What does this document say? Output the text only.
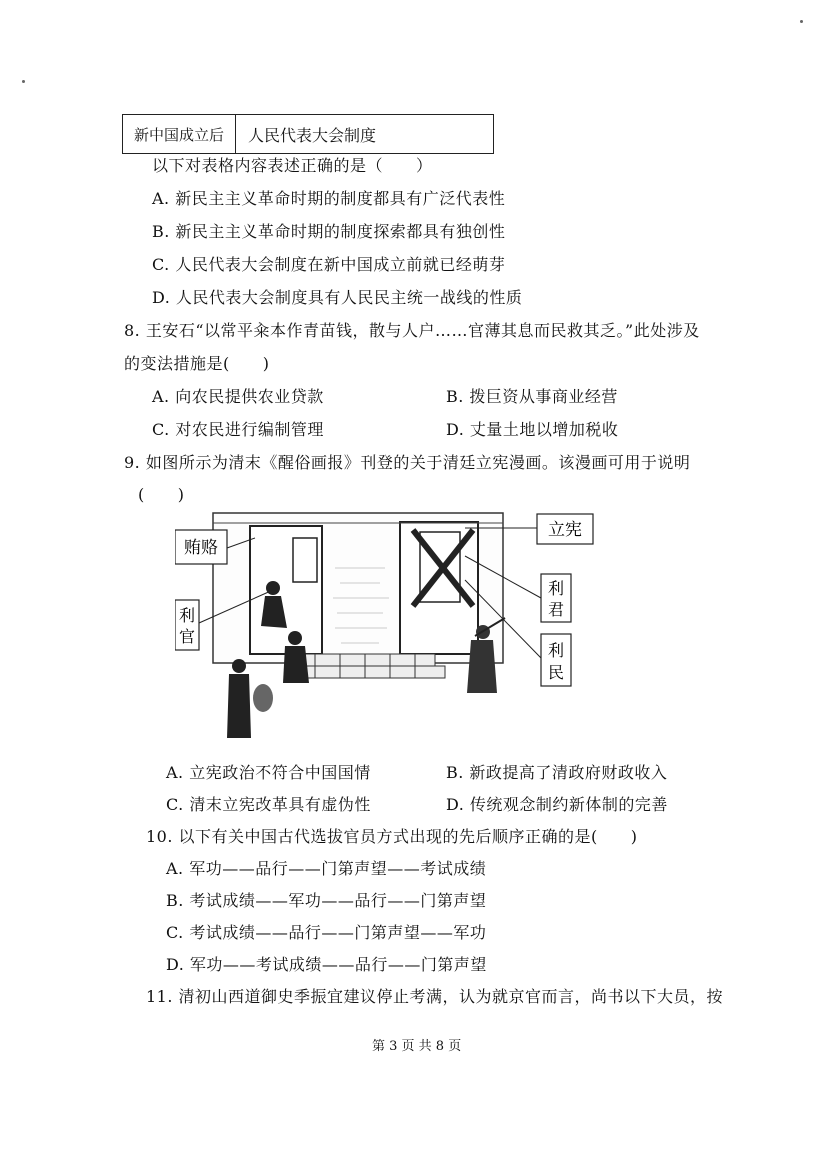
新中国成立后	人民代表大会制度
以下对表格内容表述正确的是（　　）
A. 新民主主义革命时期的制度都具有广泛代表性
B. 新民主主义革命时期的制度探索都具有独创性
C. 人民代表大会制度在新中国成立前就已经萌芽
D. 人民代表大会制度具有人民民主统一战线的性质
8. 王安石“以常平籴本作青苗钱，散与人户……官薄其息而民救其乏。”此处涉及
的变法措施是(　　)
A. 向农民提供农业贷款	B. 拨巨资从事商业经营
C. 对农民进行编制管理	D. 丈量土地以增加税收
9. 如图所示为清末《醒俗画报》刊登的关于清廷立宪漫画。该漫画可用于说明
(　　)
贿赂
利
官
立宪
利
君
利
民
A. 立宪政治不符合中国国情	B. 新政提高了清政府财政收入
C. 清末立宪改革具有虚伪性	D. 传统观念制约新体制的完善
10. 以下有关中国古代选拔官员方式出现的先后顺序正确的是(　　)
A. 军功——品行——门第声望——考试成绩
B. 考试成绩——军功——品行——门第声望
C. 考试成绩——品行——门第声望——军功
D. 军功——考试成绩——品行——门第声望
11. 清初山西道御史季振宜建议停止考满，认为就京官而言，尚书以下大员，按
第 3 页 共 8 页
